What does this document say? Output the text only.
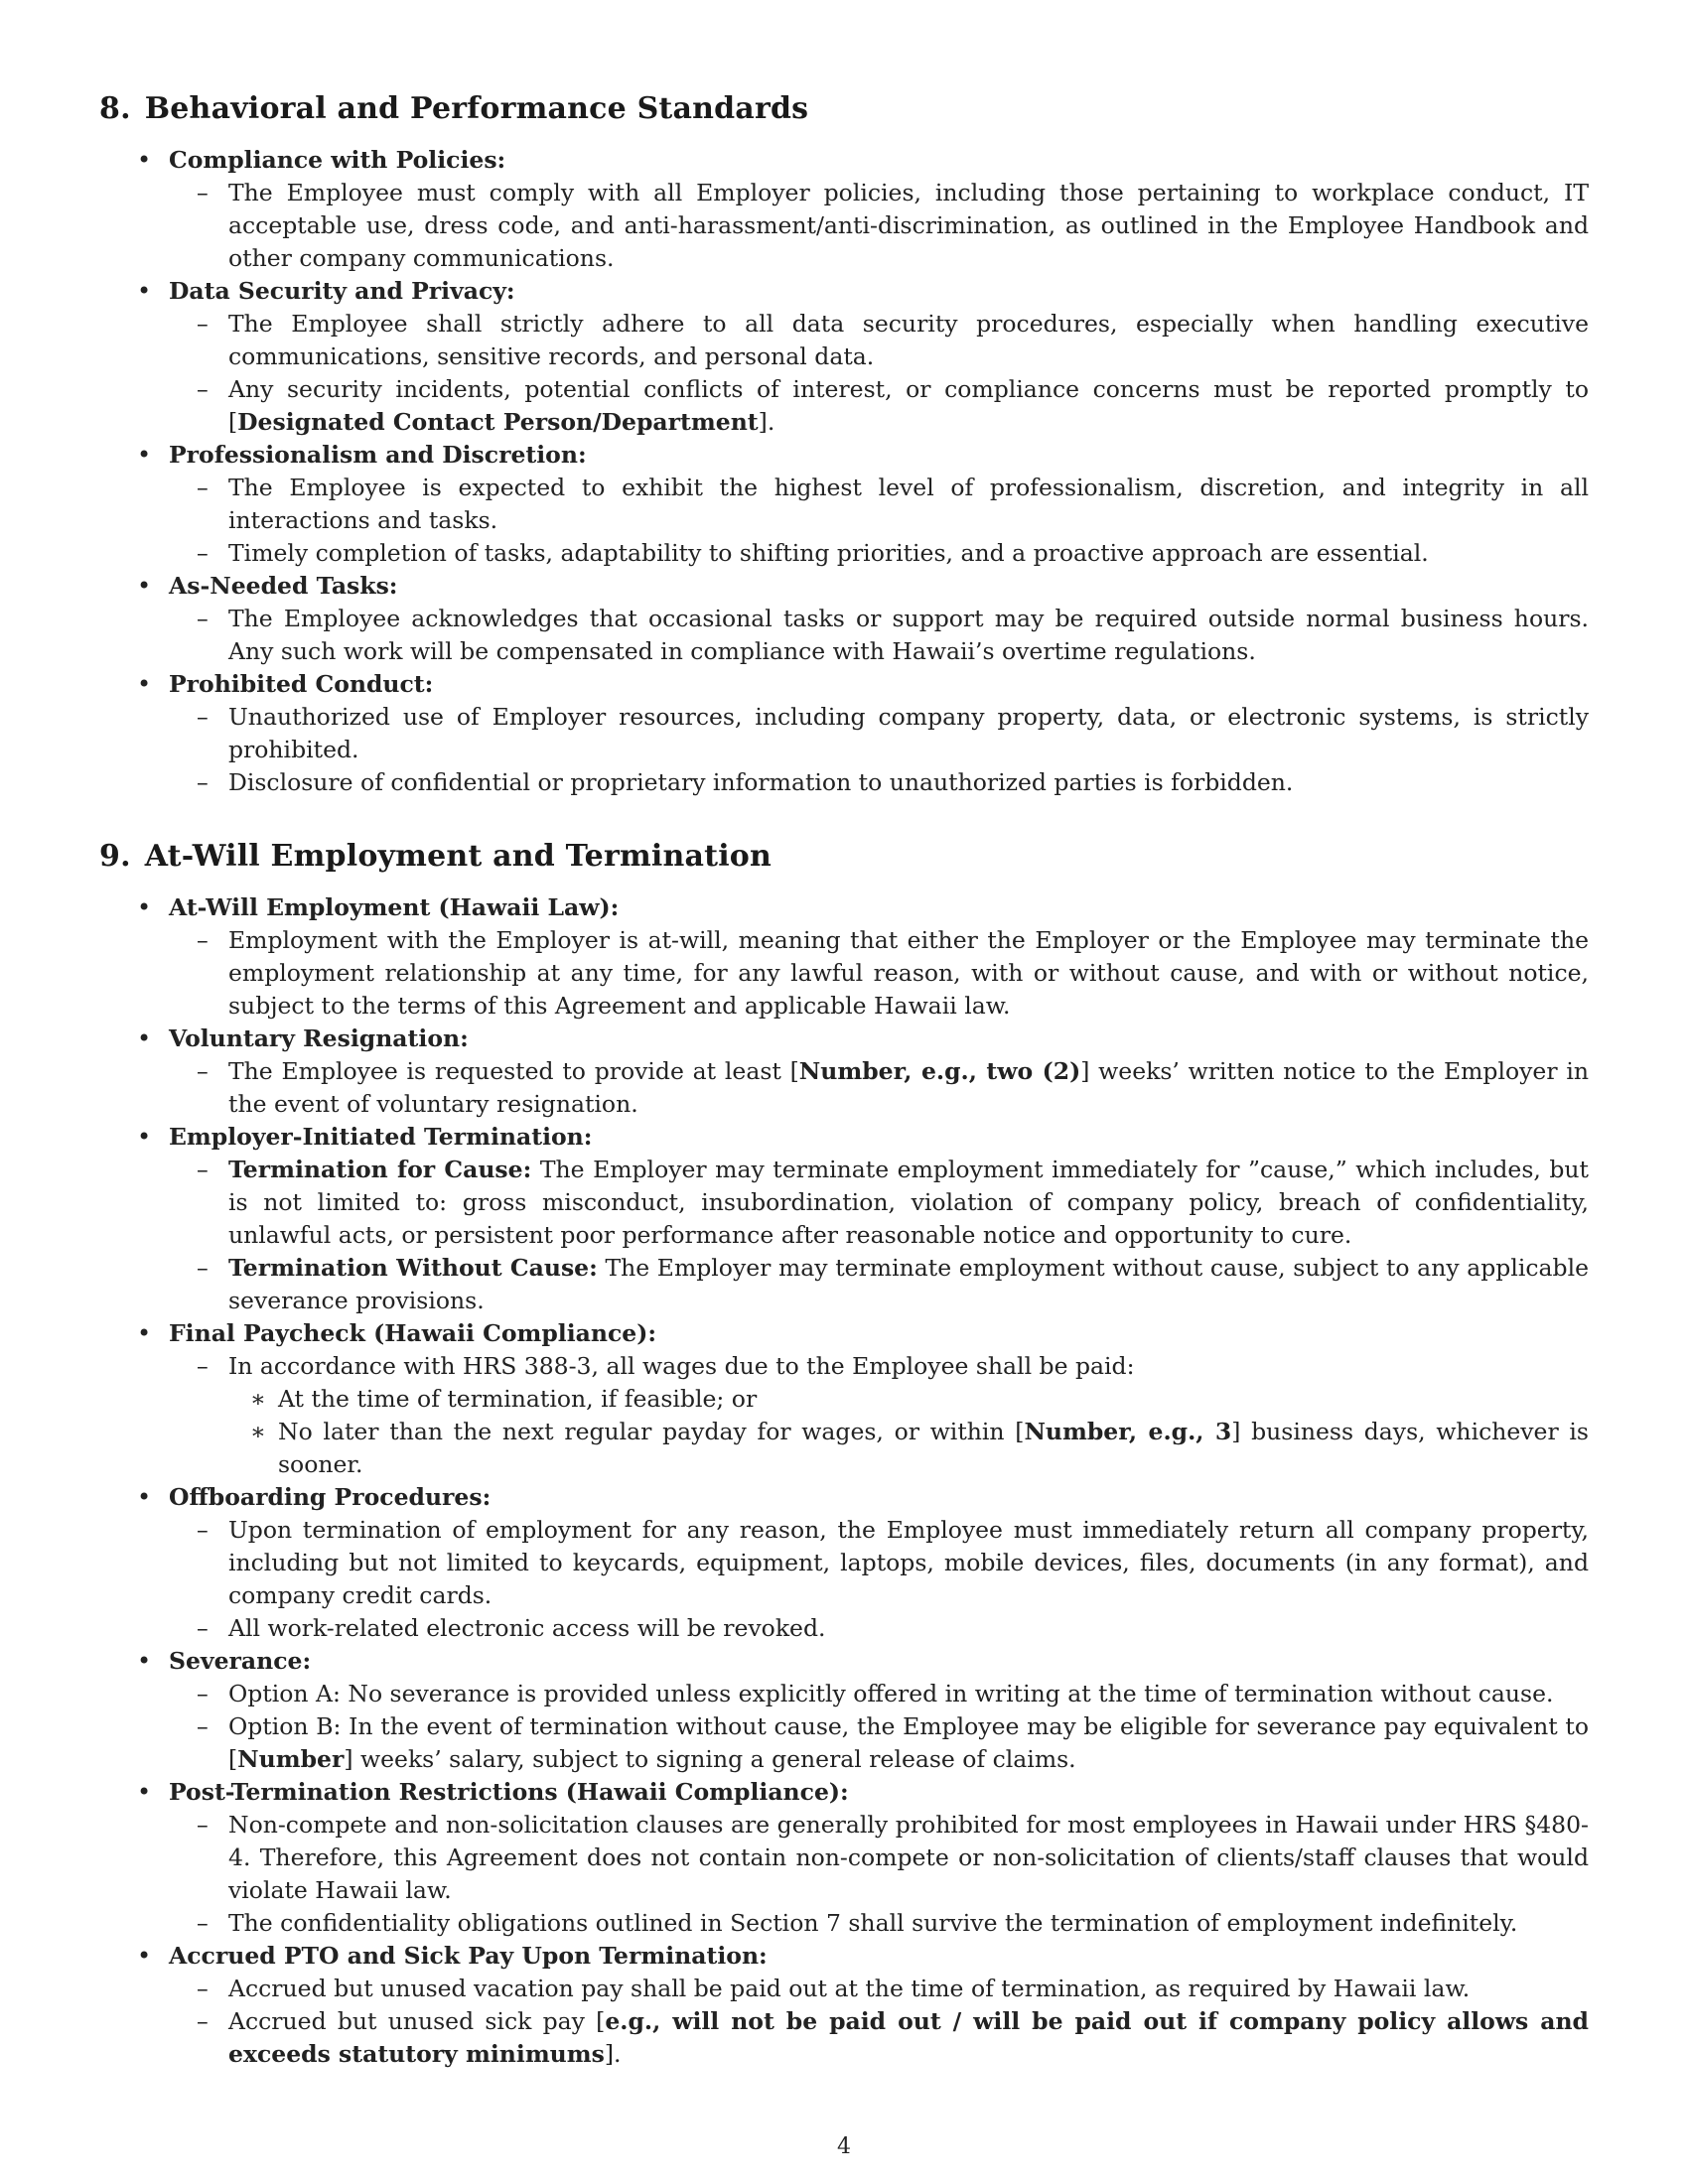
8. Behavioral and Performance Standards
• Compliance with Policies:
– The Employee must comply with all Employer policies, including those pertaining to workplace conduct, IT acceptable use, dress code, and anti-harassment/anti-discrimination, as outlined in the Employee Handbook and other company communications.
• Data Security and Privacy:
– The Employee shall strictly adhere to all data security procedures, especially when handling executive communications, sensitive records, and personal data.
– Any security incidents, potential conflicts of interest, or compliance concerns must be reported promptly to [Designated Contact Person/Department].
• Professionalism and Discretion:
– The Employee is expected to exhibit the highest level of professionalism, discretion, and integrity in all interactions and tasks.
– Timely completion of tasks, adaptability to shifting priorities, and a proactive approach are essential.
• As-Needed Tasks:
– The Employee acknowledges that occasional tasks or support may be required outside normal business hours. Any such work will be compensated in compliance with Hawaii’s overtime regulations.
• Prohibited Conduct:
– Unauthorized use of Employer resources, including company property, data, or electronic systems, is strictly prohibited.
– Disclosure of confidential or proprietary information to unauthorized parties is forbidden.
9. At-Will Employment and Termination
• At-Will Employment (Hawaii Law):
– Employment with the Employer is at-will, meaning that either the Employer or the Employee may terminate the employment relationship at any time, for any lawful reason, with or without cause, and with or without notice, subject to the terms of this Agreement and applicable Hawaii law.
• Voluntary Resignation:
– The Employee is requested to provide at least [Number, e.g., two (2)] weeks’ written notice to the Employer in the event of voluntary resignation.
• Employer-Initiated Termination:
– Termination for Cause: The Employer may terminate employment immediately for ”cause,” which includes, but is not limited to: gross misconduct, insubordination, violation of company policy, breach of confidentiality, unlawful acts, or persistent poor performance after reasonable notice and opportunity to cure.
– Termination Without Cause: The Employer may terminate employment without cause, subject to any applicable severance provisions.
• Final Paycheck (Hawaii Compliance):
– In accordance with HRS 388-3, all wages due to the Employee shall be paid:
∗ At the time of termination, if feasible; or
∗ No later than the next regular payday for wages, or within [Number, e.g., 3] business days, whichever is sooner.
• Offboarding Procedures:
– Upon termination of employment for any reason, the Employee must immediately return all company property, including but not limited to keycards, equipment, laptops, mobile devices, files, documents (in any format), and company credit cards.
– All work-related electronic access will be revoked.
• Severance:
– Option A: No severance is provided unless explicitly offered in writing at the time of termination without cause.
– Option B: In the event of termination without cause, the Employee may be eligible for severance pay equivalent to [Number] weeks’ salary, subject to signing a general release of claims.
• Post-Termination Restrictions (Hawaii Compliance):
– Non-compete and non-solicitation clauses are generally prohibited for most employees in Hawaii under HRS §480-4. Therefore, this Agreement does not contain non-compete or non-solicitation of clients/staff clauses that would violate Hawaii law.
– The confidentiality obligations outlined in Section 7 shall survive the termination of employment indefinitely.
• Accrued PTO and Sick Pay Upon Termination:
– Accrued but unused vacation pay shall be paid out at the time of termination, as required by Hawaii law.
– Accrued but unused sick pay [e.g., will not be paid out / will be paid out if company policy allows and exceeds statutory minimums].
4
